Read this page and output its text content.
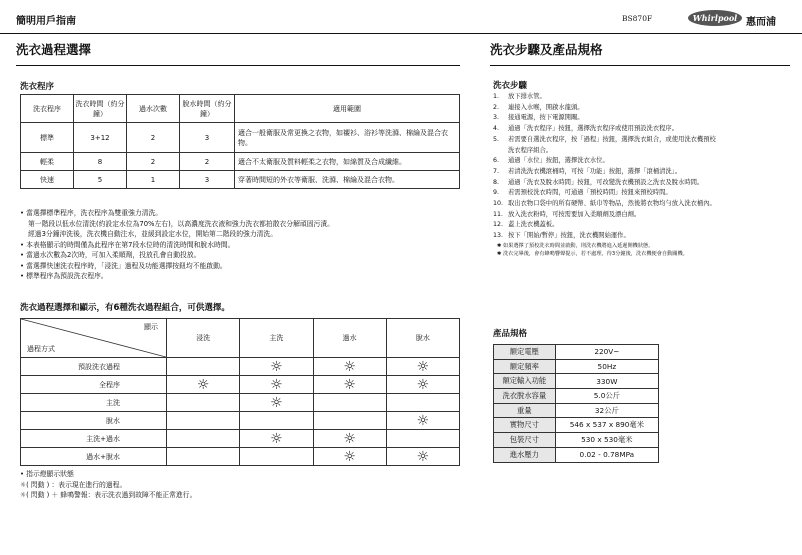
簡明用戶指南	BS870F	Whirlpool 惠而浦
洗衣過程選擇
洗衣程序
洗衣程序	洗衣時間（約分鐘）	過水次數	脫水時間（約分鐘）	適用範圍
標準	3+12	2	3	適合一般衛服及常更換之衣物，如襯衫、浴衫等洗滌、棉綸及混合衣物。
輕柔	8	2	2	適合不太衛服及質料輕柔之衣物，如綿質及合成纖維。
快速	5	1	3	穿著時間短的外衣等衛服、洗滌、棉綸及混合衣物。
• 當選擇標準程序，洗衣程序為雙重強力清洗。
第一階段以低水位清洗(約設定水位為70%左右)，以高濃度洗衣液和強力洗衣都拍散衣分解頑固污漬。
經過3分鐘沖洗後，洗衣機自動注水，並緩到設定水位，開始第二階段的強力清洗。
• 本表格顯示的時間僅為此程序在第7段水位時的清洗時間和脫水時間。
• 當過水次數為2次時，可加入柔順劑，投放孔會自動投放。
• 當選擇快速洗衣程序時，「浸洗」過程及功能選擇按鈕均不能啟動。
• 標準程序為預設洗衣程序。
洗衣過程選擇和顯示，有6種洗衣過程組合，可供選擇。
顯示
過程方式	浸洗	主洗	過水	脫水
預設洗衣過程		☼	☼	☼
全程序	☼	☼	☼	☼
主洗		☼		
脫水				☼
主洗+過水		☼	☼	
過水+脫水			☼	☼
• 指示燈顯示狀態
☼( 閃動 ) ：表示現在進行的過程。
☼( 閃動 ) ＋ 蜂鳴警報：表示洗衣過到故障不能正常進行。
洗衣步驟及產品規格
洗衣步驟
1. 放下排水管。
2. 連接入水喉，開啟水龍頭。
3. 接通電源，按下電源開關。
4. 通過「洗衣程序」按鈕，選擇洗衣程序或使用預設洗衣程序。
5. 若需要自選洗衣程序，按「過程」按鈕，選擇洗衣組合，或使用洗衣機預校
洗衣程序組合。
6. 通過「水位」按鈕，選擇洗衣水位。
7. 若清洗洗衣機滾桶時，可按「功能」按鈕，選擇「滾桶清洗」。
8. 通過「洗衣及脫水時間」按鈕，可改變洗衣機預設之洗衣及脫水時間。
9. 若需預校洗衣時間，可通過「預校時間」按鈕來預校時間。
10. 取出衣物口袋中的所有硬幣、紙巾等物品，然後將衣物均勻放入洗衣桶內。
11. 放入洗衣粉時，可按需要加入柔順劑及漂白劑。
12. 蓋上洗衣機蓋板。
13. 按下「開始/暫停」按鈕，洗衣機開始運作。
✱ 如果選擇了預校洗衣時間並啟動，則洗衣機將進入延遲開機狀態。
✱ 洗衣完畢後，會有蜂鳴響聲提示，若不處理，待3分鐘後，洗衣機便會自動關機。
產品規格
額定電壓	220V~
額定頻率	50Hz
額定輸入功能	330W
洗衣脫水容量	5.0公斤
重量	32公斤
實物尺寸	546 x 537 x 890毫米
包裝尺寸	530 x 530毫米
進水壓力	0.02 - 0.78MPa
